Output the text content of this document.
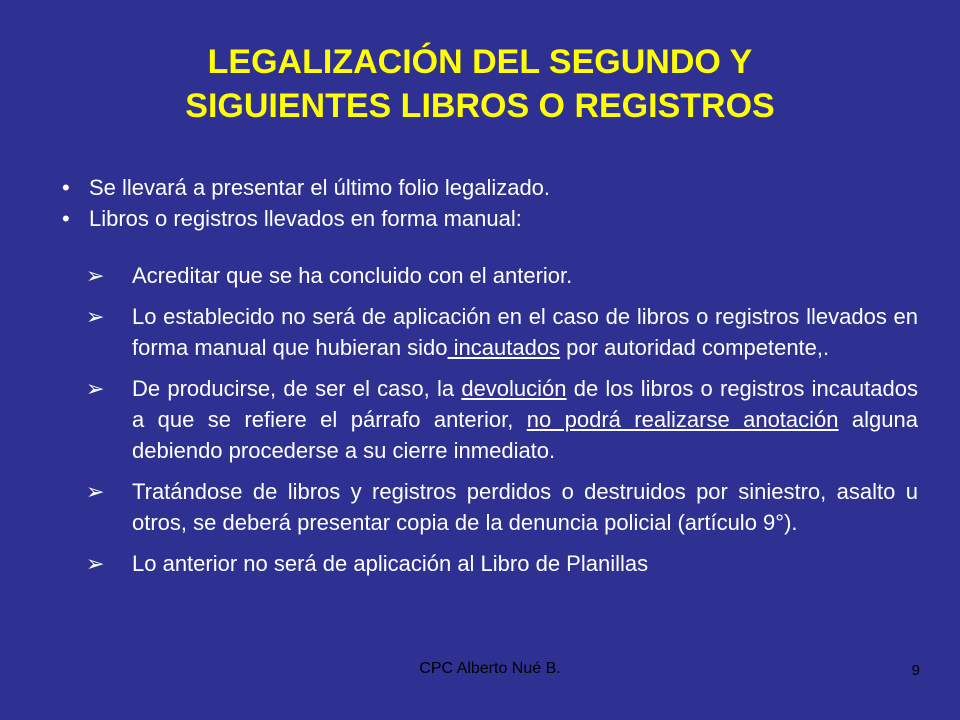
LEGALIZACIÓN DEL SEGUNDO Y
SIGUIENTES LIBROS O REGISTROS
• Se llevará a presentar el último folio legalizado.
• Libros o registros llevados en forma manual:
➢	Acreditar que se ha concluido con el anterior.
➢	Lo establecido no será de aplicación en el caso de libros o registros llevados en forma manual que hubieran sido incautados por autoridad competente,.
➢	De producirse, de ser el caso, la devolución de los libros o registros incautados a que se refiere el párrafo anterior, no podrá realizarse anotación alguna debiendo procederse a su cierre inmediato.
➢	Tratándose de libros y registros perdidos o destruidos por siniestro, asalto u otros, se deberá presentar copia de la denuncia policial (artículo 9°).
➢	Lo anterior no será de aplicación al Libro de Planillas
CPC Alberto Nué B.	9
